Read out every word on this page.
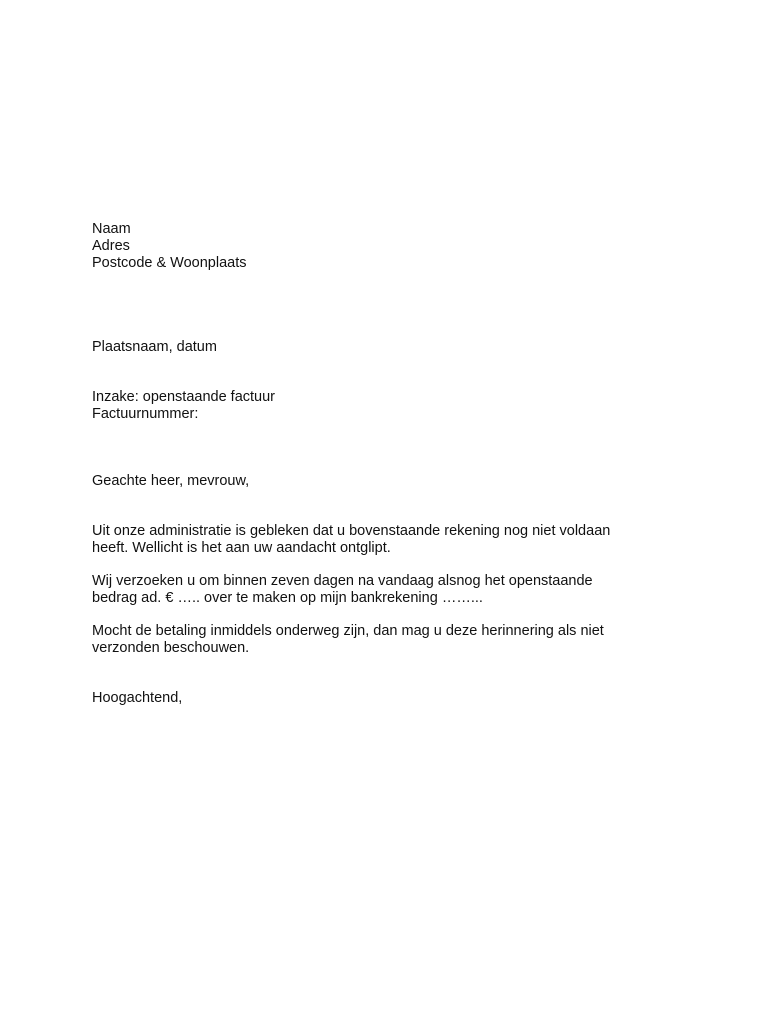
Naam

Adres

Postcode & Woonplaats

Plaatsnaam, datum

Inzake: openstaande factuur

Factuurnummer:

Geachte heer, mevrouw,

Uit onze administratie is gebleken dat u bovenstaande rekening nog niet voldaan

heeft. Wellicht is het aan uw aandacht ontglipt.

Wij verzoeken u om binnen zeven dagen na vandaag alsnog het openstaande

bedrag ad. € ….. over te maken op mijn bankrekening ……...

Mocht de betaling inmiddels onderweg zijn, dan mag u deze herinnering als niet

verzonden beschouwen.

Hoogachtend,
